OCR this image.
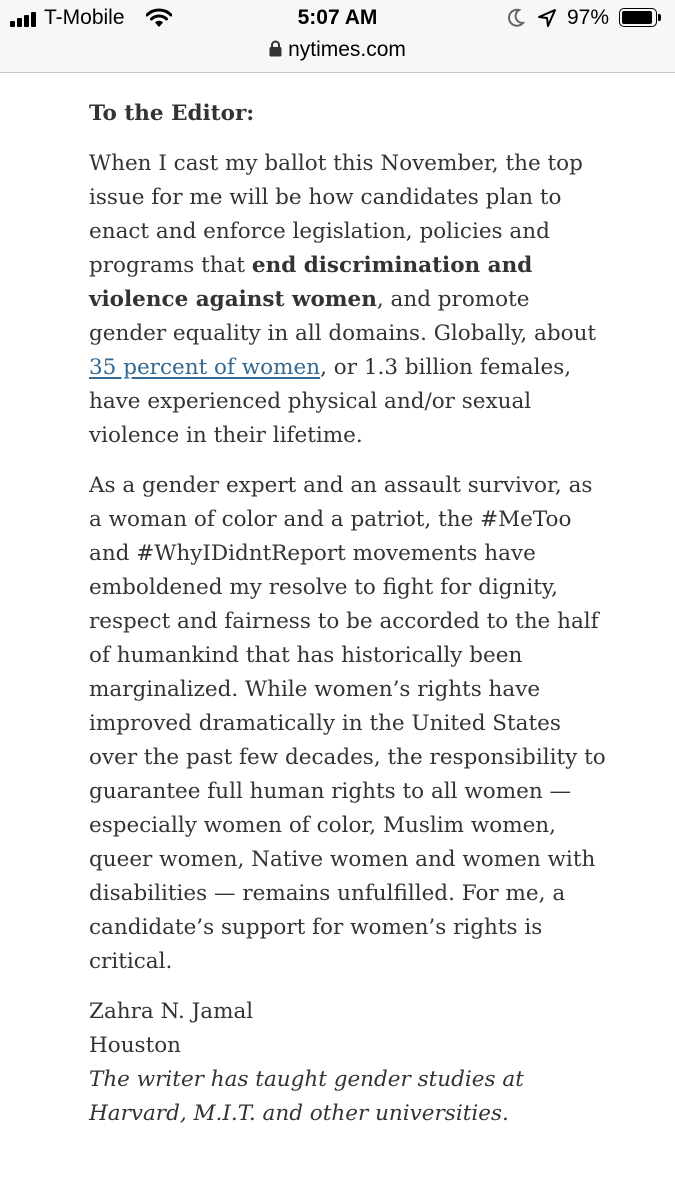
T-Mobile	5:07 AM	97%
nytimes.com

To the Editor:

When I cast my ballot this November, the top issue for me will be how candidates plan to enact and enforce legislation, policies and programs that end discrimination and violence against women, and promote gender equality in all domains. Globally, about 35 percent of women, or 1.3 billion females, have experienced physical and/or sexual violence in their lifetime.

As a gender expert and an assault survivor, as a woman of color and a patriot, the #MeToo and #WhyIDidntReport movements have emboldened my resolve to fight for dignity, respect and fairness to be accorded to the half of humankind that has historically been marginalized. While women’s rights have improved dramatically in the United States over the past few decades, the responsibility to guarantee full human rights to all women — especially women of color, Muslim women, queer women, Native women and women with disabilities — remains unfulfilled. For me, a candidate’s support for women’s rights is critical.

Zahra N. Jamal

Houston

The writer has taught gender studies at Harvard, M.I.T. and other universities.
